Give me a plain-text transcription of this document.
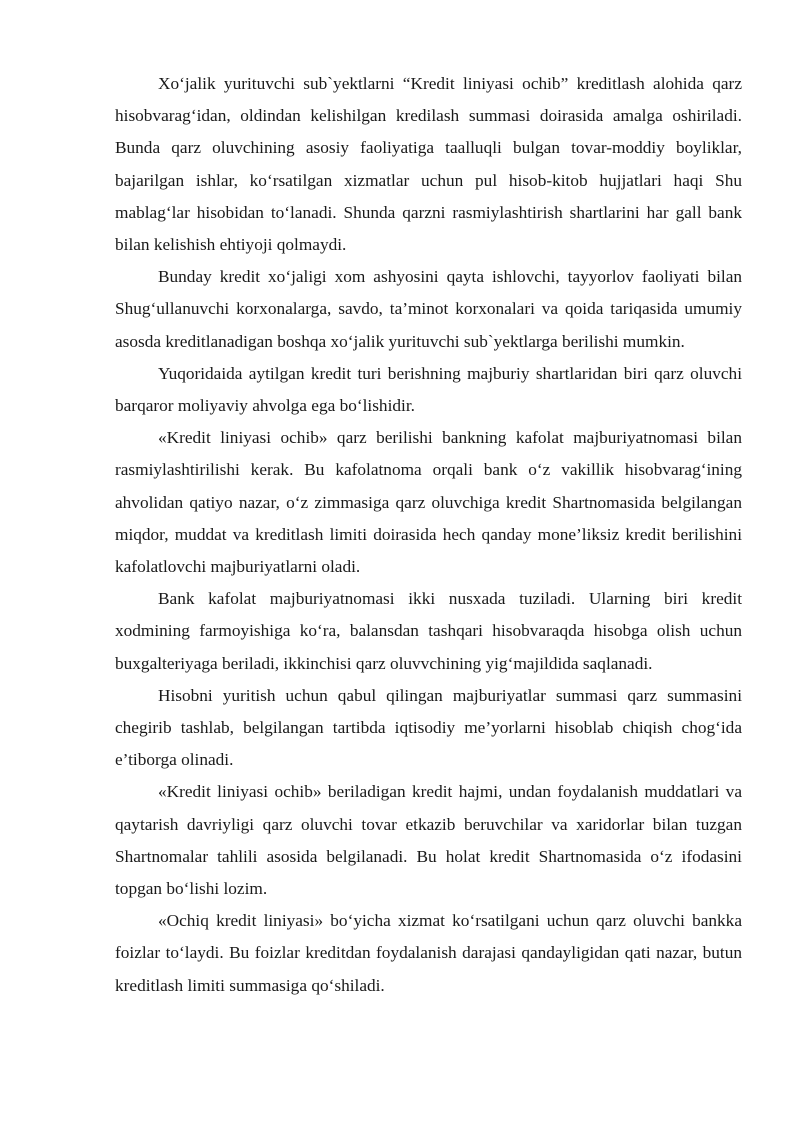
Xo‘jalik yurituvchi sub`yektlarni “Kredit liniyasi ochib” kreditlash alohida qarz hisobvarag‘idan, oldindan kelishilgan kredilash summasi doirasida amalga oshiriladi. Bunda qarz oluvchining asosiy faoliyatiga taalluqli bulgan tovar-moddiy boyliklar, bajarilgan ishlar, ko‘rsatilgan xizmatlar uchun pul hisob-kitob hujjatlari haqi Shu mablag‘lar hisobidan to‘lanadi. Shunda qarzni rasmiylashtirish shartlarini har gall bank bilan kelishish ehtiyoji qolmaydi.

Bunday kredit xo‘jaligi xom ashyosini qayta ishlovchi, tayyorlov faoliyati bilan Shug‘ullanuvchi korxonalarga, savdo, ta’minot korxonalari va qoida tariqasida umumiy asosda kreditlanadigan boshqa xo‘jalik yurituvchi sub`yektlarga berilishi mumkin.

Yuqoridaida aytilgan kredit turi berishning majburiy shartlaridan biri qarz oluvchi barqaror moliyaviy ahvolga ega bo‘lishidir.

«Kredit liniyasi ochib» qarz berilishi bankning kafolat majburiyatnomasi bilan rasmiylashtirilishi kerak. Bu kafolatnoma orqali bank o‘z vakillik hisobvarag‘ining ahvolidan qatiyo nazar, o‘z zimmasiga qarz oluvchiga kredit Shartnomasida belgilangan miqdor, muddat va kreditlash limiti doirasida hech qanday mone’liksiz kredit berilishini kafolatlovchi majburiyatlarni oladi.

Bank kafolat majburiyatnomasi ikki nusxada tuziladi. Ularning biri kredit xodmining farmoyishiga ko‘ra, balansdan tashqari hisobvaraqda hisobga olish uchun buxgalteriyaga beriladi, ikkinchisi qarz oluvvchining yig‘majildida saqlanadi.

Hisobni yuritish uchun qabul qilingan majburiyatlar summasi qarz summasini chegirib tashlab, belgilangan tartibda iqtisodiy me’yorlarni hisoblab chiqish chog‘ida e’tiborga olinadi.

«Kredit liniyasi ochib» beriladigan kredit hajmi, undan foydalanish muddatlari va qaytarish davriyligi qarz oluvchi tovar etkazib beruvchilar va xaridorlar bilan tuzgan Shartnomalar tahlili asosida belgilanadi. Bu holat kredit Shartnomasida o‘z ifodasini topgan bo‘lishi lozim.

«Ochiq kredit liniyasi» bo‘yicha xizmat ko‘rsatilgani uchun qarz oluvchi bankka foizlar to‘laydi. Bu foizlar kreditdan foydalanish darajasi qandayligidan qati nazar, butun kreditlash limiti summasiga qo‘shiladi.
